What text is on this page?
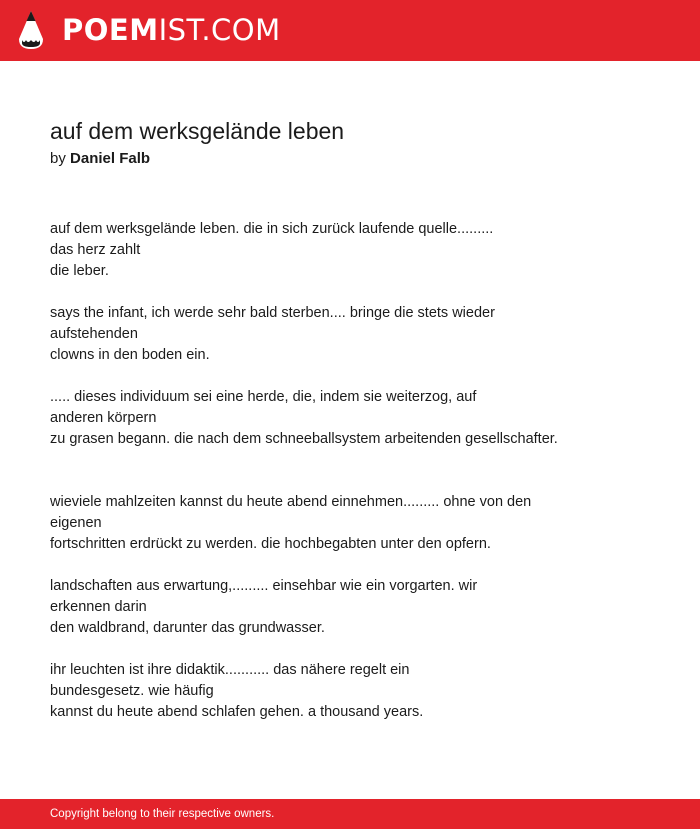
POEMIST.COM
auf dem werksgelände leben
by Daniel Falb
auf dem werksgelände leben. die in sich zurück laufende quelle.........
das herz zahlt
die leber.
says the infant, ich werde sehr bald sterben.... bringe die stets wieder
aufstehenden
clowns in den boden ein.
..... dieses individuum sei eine herde, die, indem sie weiterzog, auf
anderen körpern
zu grasen begann. die nach dem schneeballsystem arbeitenden gesellschafter.
wieviele mahlzeiten kannst du heute abend einnehmen......... ohne von den
eigenen
fortschritten erdrückt zu werden. die hochbegabten unter den opfern.
landschaften aus erwartung,......... einsehbar wie ein vorgarten. wir
erkennen darin
den waldbrand, darunter das grundwasser.
ihr leuchten ist ihre didaktik........... das nähere regelt ein
bundesgesetz. wie häufig
kannst du heute abend schlafen gehen. a thousand years.
Copyright belong to their respective owners.
